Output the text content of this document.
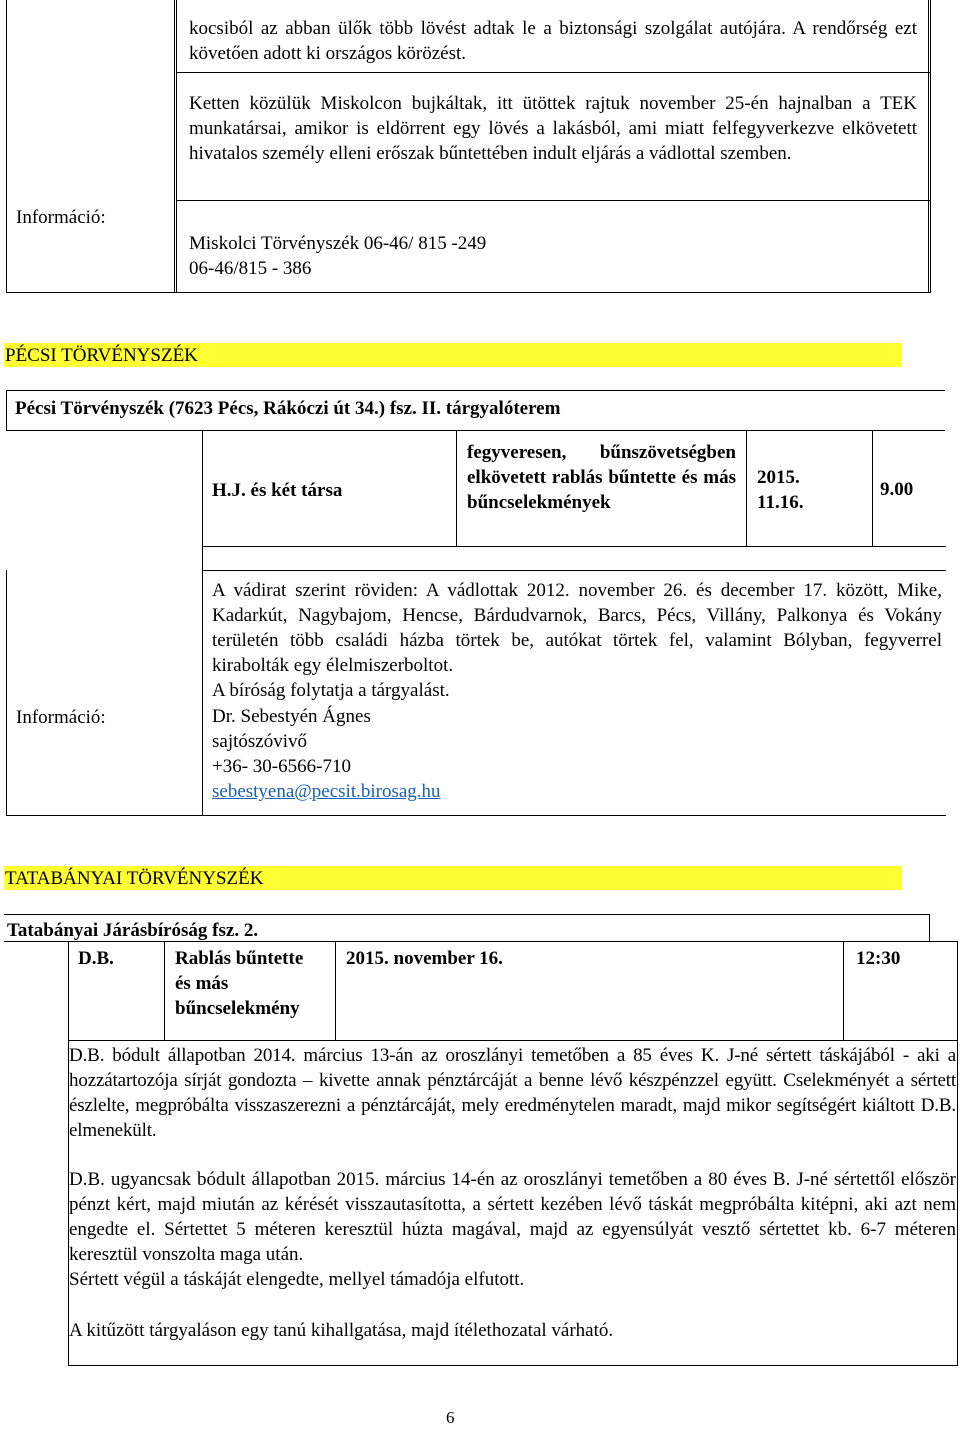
kocsiból az abban ülők több lövést adtak le a biztonsági szolgálat autójára. A rendőrség ezt követően adott ki országos körözést.

Ketten közülük Miskolcon bujkáltak, itt ütöttek rajtuk november 25-én hajnalban a TEK munkatársai, amikor is eldörrent egy lövés a lakásból, ami miatt felfegyverkezve elkövetett hivatalos személy elleni erőszak bűntettében indult eljárás a vádlottal szemben.

Információ:
Miskolci Törvényszék 06-46/ 815 -249
06-46/815 - 386
PÉCSI TÖRVÉNYSZÉK
Pécsi Törvényszék (7623 Pécs, Rákóczi út 34.) fsz. II. tárgyalóterem
H.J. és két társa

fegyveresen, bűnszövetségben elkövetett rablás bűntette és más bűncselekmények

2015.
11.16.
9.00
Információ:

A vádirat szerint röviden: A vádlottak 2012. november 26. és december 17. között, Mike, Kadarkút, Nagybajom, Hencse, Bárdudvarnok, Barcs, Pécs, Villány, Palkonya és Vokány területén több családi házba törtek be, autókat törtek fel, valamint Bólyban, fegyverrel kirabolták egy élelmiszerboltot.

A bíróság folytatja a tárgyalást.
Dr. Sebestyén Ágnes
sajtószóvivő
+36- 30-6566-710
sebestyena@pecsit.birosag.hu
TATABÁNYAI TÖRVÉNYSZÉK
Tatabányai Járásbíróság fsz. 2.
D.B.	Rablás bűntette
és más
bűncselekmény
2015. november 16.	12:30

D.B. bódult állapotban 2014. március 13-án az oroszlányi temetőben a 85 éves K. J-né sértett táskájából - aki a hozzátartozója sírját gondozta – kivette annak pénztárcáját a benne lévő készpénzzel együtt. Cselekményét a sértett észlelte, megpróbálta visszaszerezni a pénztárcáját, mely eredménytelen maradt, majd mikor segítségért kiáltott D.B. elmenekült.

D.B. ugyancsak bódult állapotban 2015. március 14-én az oroszlányi temetőben a 80 éves B. J-né sértettől először pénzt kért, majd miután az kérését visszautasította, a sértett kezében lévő táskát megpróbálta kitépni, aki azt nem engedte el. Sértettet 5 méteren keresztül húzta magával, majd az egyensúlyát vesztő sértettet kb. 6-7 méteren keresztül vonszolta maga után.

Sértett végül a táskáját elengedte, mellyel támadója elfutott.
A kitűzött tárgyaláson egy tanú kihallgatása, majd ítélethozatal várható.
6
